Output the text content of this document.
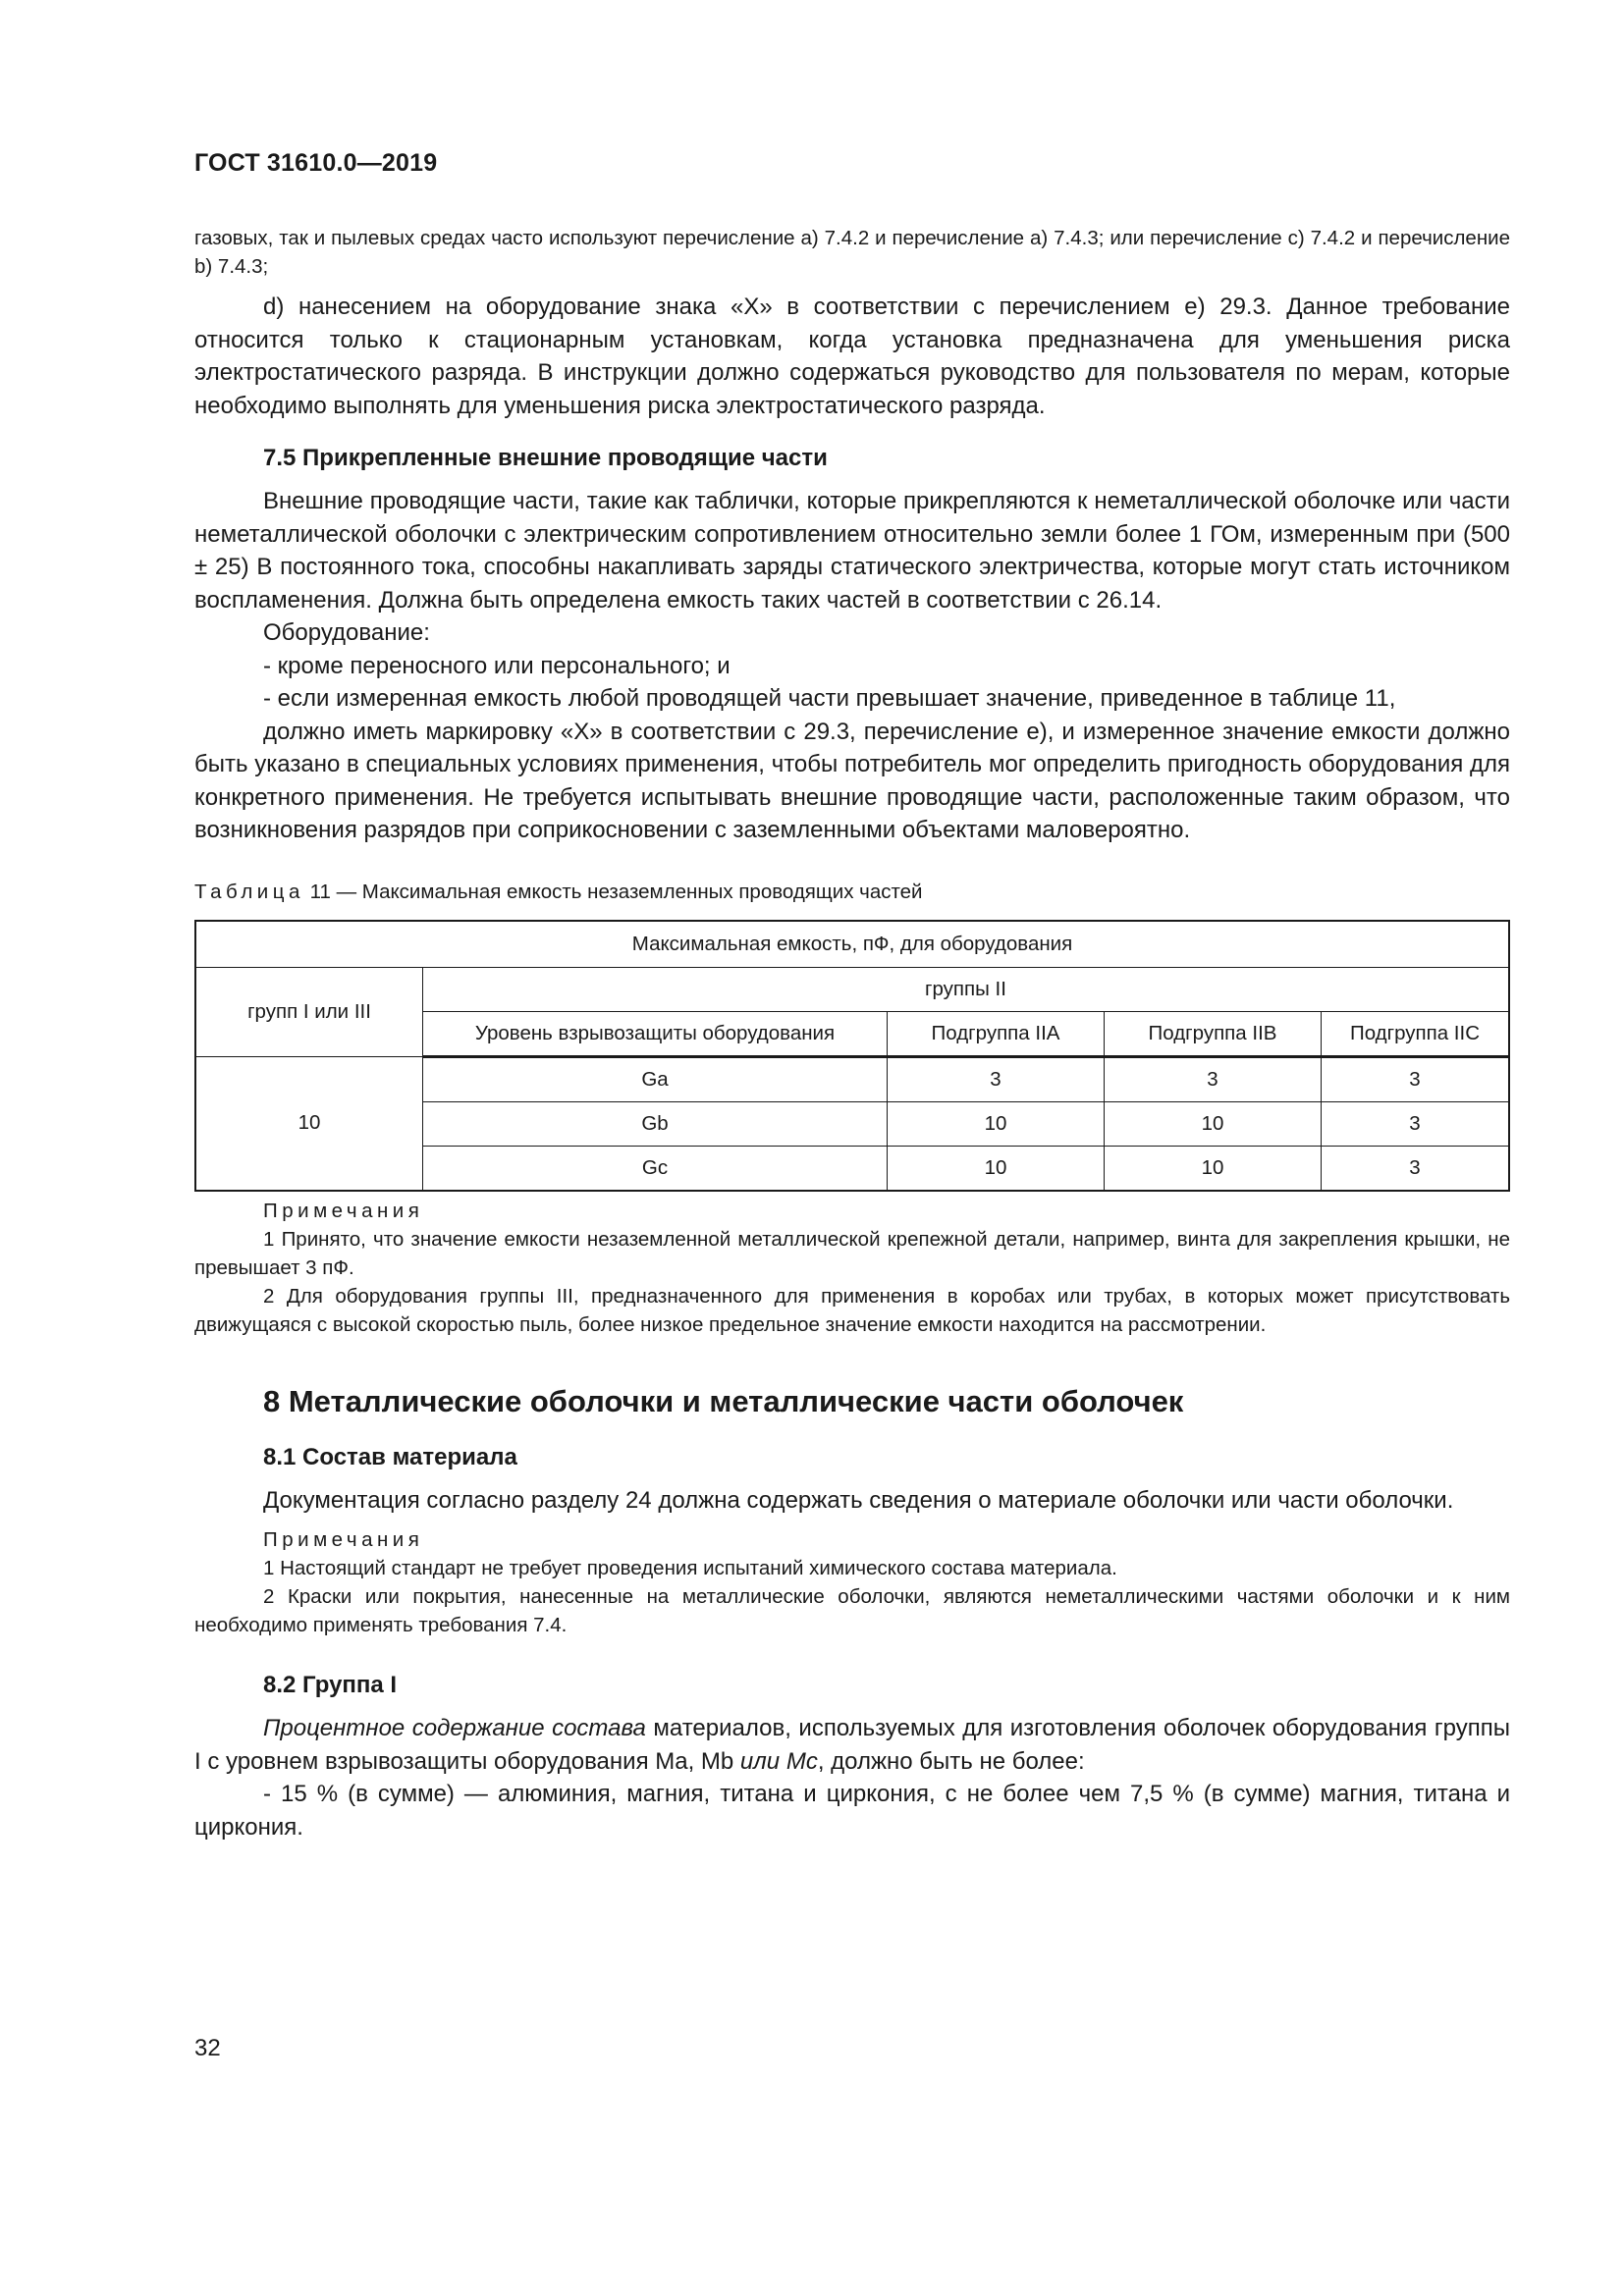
ГОСТ 31610.0—2019

газовых, так и пылевых средах часто используют перечисление a) 7.4.2 и перечисление a) 7.4.3; или перечисление c) 7.4.2 и перечисление b) 7.4.3;

d) нанесением на оборудование знака «X» в соответствии с перечислением e) 29.3. Данное требование относится только к стационарным установкам, когда установка предназначена для уменьшения риска электростатического разряда. В инструкции должно содержаться руководство для пользователя по мерам, которые необходимо выполнять для уменьшения риска электростатического разряда.

7.5 Прикрепленные внешние проводящие части

Внешние проводящие части, такие как таблички, которые прикрепляются к неметаллической оболочке или части неметаллической оболочки с электрическим сопротивлением относительно земли более 1 ГОм, измеренным при (500 ± 25) В постоянного тока, способны накапливать заряды статического электричества, которые могут стать источником воспламенения. Должна быть определена емкость таких частей в соответствии с 26.14.

Оборудование:

- кроме переносного или персонального; и

- если измеренная емкость любой проводящей части превышает значение, приведенное в таблице 11,

должно иметь маркировку «X» в соответствии с 29.3, перечисление e), и измеренное значение емкости должно быть указано в специальных условиях применения, чтобы потребитель мог определить пригодность оборудования для конкретного применения. Не требуется испытывать внешние проводящие части, расположенные таким образом, что возникновения разрядов при соприкосновении с заземленными объектами маловероятно.

Таблица 11 — Максимальная емкость незаземленных проводящих частей
Максимальная емкость, пФ, для оборудования				
групп I или III	группы II			
	Уровень взрывозащиты оборудования	Подгруппа IIA	Подгруппа IIB	Подгруппа IIC
10	Ga	3	3	3
	Gb	10	10	3
	Gc	10	10	3
Примечания

1 Принято, что значение емкости незаземленной металлической крепежной детали, например, винта для закрепления крышки, не превышает 3 пФ.

2 Для оборудования группы III, предназначенного для применения в коробах или трубах, в которых может присутствовать движущаяся с высокой скоростью пыль, более низкое предельное значение емкости находится на рассмотрении.

8 Металлические оболочки и металлические части оболочек
8.1 Состав материала

Документация согласно разделу 24 должна содержать сведения о материале оболочки или части оболочки.

Примечания

1 Настоящий стандарт не требует проведения испытаний химического состава материала.

2 Краски или покрытия, нанесенные на металлические оболочки, являются неметаллическими частями оболочки и к ним необходимо применять требования 7.4.

8.2 Группа I

Процентное содержание состава материалов, используемых для изготовления оболочек оборудования группы I с уровнем взрывозащиты оборудования Ma, Mb или Mc, должно быть не более:

- 15 % (в сумме) — алюминия, магния, титана и циркония, с не более чем 7,5 % (в сумме) магния, титана и циркония.

32
